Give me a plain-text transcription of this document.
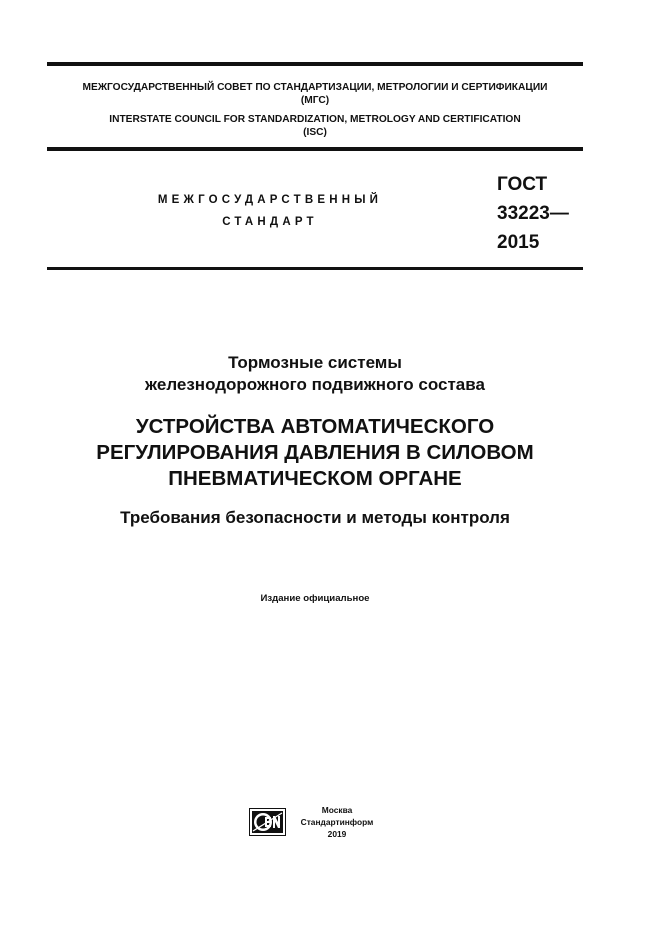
МЕЖГОСУДАРСТВЕННЫЙ СОВЕТ ПО СТАНДАРТИЗАЦИИ, МЕТРОЛОГИИ И СЕРТИФИКАЦИИ
(МГС)
INTERSTATE COUNCIL FOR STANDARDIZATION, METROLOGY AND CERTIFICATION
(ISC)
МЕЖГОСУДАРСТВЕННЫЙ
СТАНДАРТ
ГОСТ
33223—
2015
Тормозные системы
железнодорожного подвижного состава
УСТРОЙСТВА АВТОМАТИЧЕСКОГО
РЕГУЛИРОВАНИЯ ДАВЛЕНИЯ В СИЛОВОМ
ПНЕВМАТИЧЕСКОМ ОРГАНЕ
Требования безопасности и методы контроля
Издание официальное
Москва
Стандартинформ
2019
